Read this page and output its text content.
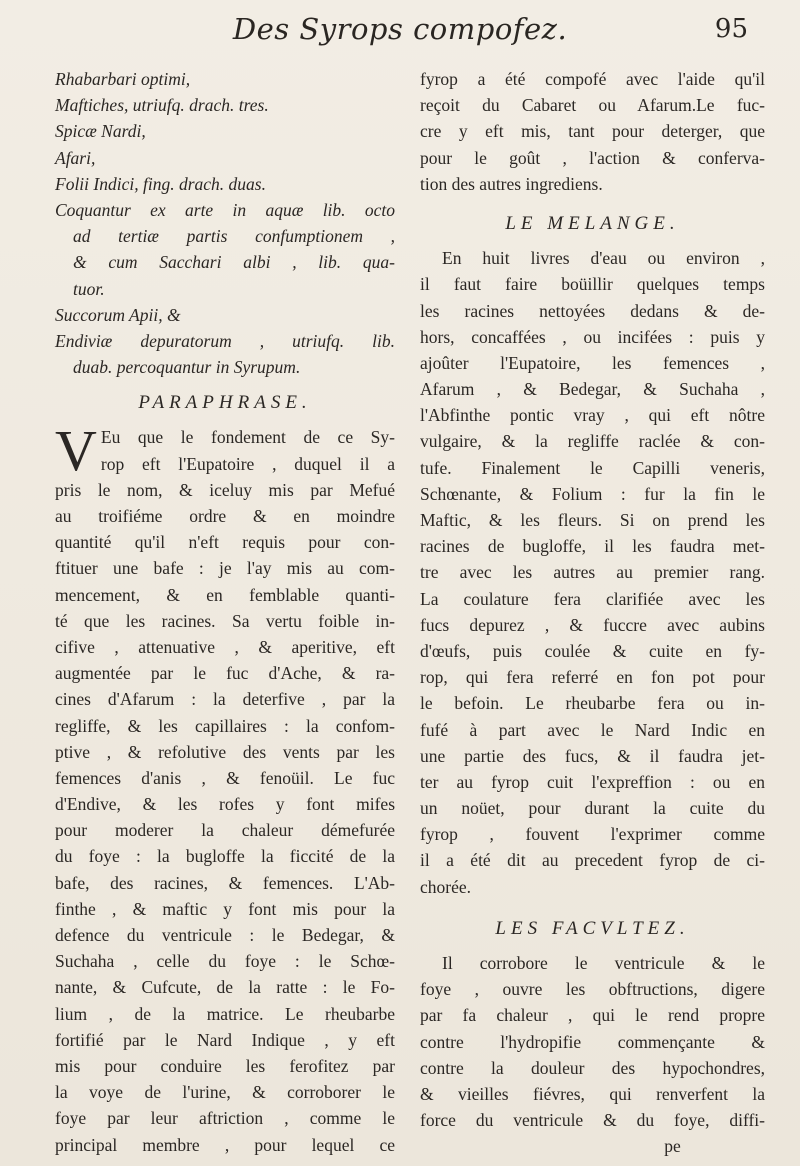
Des Syrops compofez.	95
Rhabarbari optimi,
Maftiches, utriufq. drach. tres.
Spicæ Nardi,
Afari,
Folii Indici, fing. drach. duas.
Coquantur ex arte in aquæ lib. octo
ad tertiæ partis confumptionem ,
& cum Sacchari albi , lib. qua-
tuor.
Succorum Apii, &
Endiviæ depuratorum , utriufq. lib.
duab. percoquantur in Syrupum.
PARAPHRASE.
V Eu que le fondement de ce Sy-
rop eft l'Eupatoire , duquel il a
pris le nom, & iceluy mis par Mefué
au troifiéme ordre & en moindre
quantité qu'il n'eft requis pour con-
ftituer une bafe : je l'ay mis au com-
mencement, & en femblable quanti-
té que les racines. Sa vertu foible in-
cifive , attenuative , & aperitive, eft
augmentée par le fuc d'Ache, & ra-
cines d'Afarum : la deterfive , par la
regliffe, & les capillaires : la confom-
ptive , & refolutive des vents par les
femences d'anis , & fenoüil. Le fuc
d'Endive, & les rofes y font mifes
pour moderer la chaleur démefurée
du foye : la bugloffe la ficcité de la
bafe, des racines, & femences. L'Ab-
finthe , & maftic y font mis pour la
defence du ventricule : le Bedegar, &
Suchaha , celle du foye : le Schœ-
nante, & Cufcute, de la ratte : le Fo-
lium , de la matrice. Le rheubarbe
fortifié par le Nard Indique , y eft
mis pour conduire les ferofitez par
la voye de l'urine, & corroborer le
foye par leur aftriction , comme le
principal membre , pour lequel ce
fyrop a été compofé avec l'aide qu'il
reçoit du Cabaret ou Afarum.Le fuc-
cre y eft mis, tant pour deterger, que
pour le goût , l'action & conferva-
tion des autres ingrediens.
LE MELANGE.
En huit livres d'eau ou environ ,
il faut faire boüillir quelques temps
les racines nettoyées dedans & de-
hors, concaffées , ou incifées : puis y
ajoûter l'Eupatoire, les femences ,
Afarum , & Bedegar, & Suchaha ,
l'Abfinthe pontic vray , qui eft nôtre
vulgaire, & la regliffe raclée & con-
tufe. Finalement le Capilli veneris,
Schœnante, & Folium : fur la fin le
Maftic, & les fleurs. Si on prend les
racines de bugloffe, il les faudra met-
tre avec les autres au premier rang.
La coulature fera clarifiée avec les
fucs depurez , & fuccre avec aubins
d'œufs, puis coulée & cuite en fy-
rop, qui fera referré en fon pot pour
le befoin. Le rheubarbe fera ou in-
fufé à part avec le Nard Indic en
une partie des fucs, & il faudra jet-
ter au fyrop cuit l'expreffion : ou en
un noüet, pour durant la cuite du
fyrop , fouvent l'exprimer comme
il a été dit au precedent fyrop de ci-
chorée.
LES FACVLTEZ.
Il corrobore le ventricule & le
foye , ouvre les obftructions, digere
par fa chaleur , qui le rend propre
contre l'hydropifie commençante &
contre la douleur des hypochondres,
& vieilles fiévres, qui renverfent la
force du ventricule & du foye, diffi-
pe
